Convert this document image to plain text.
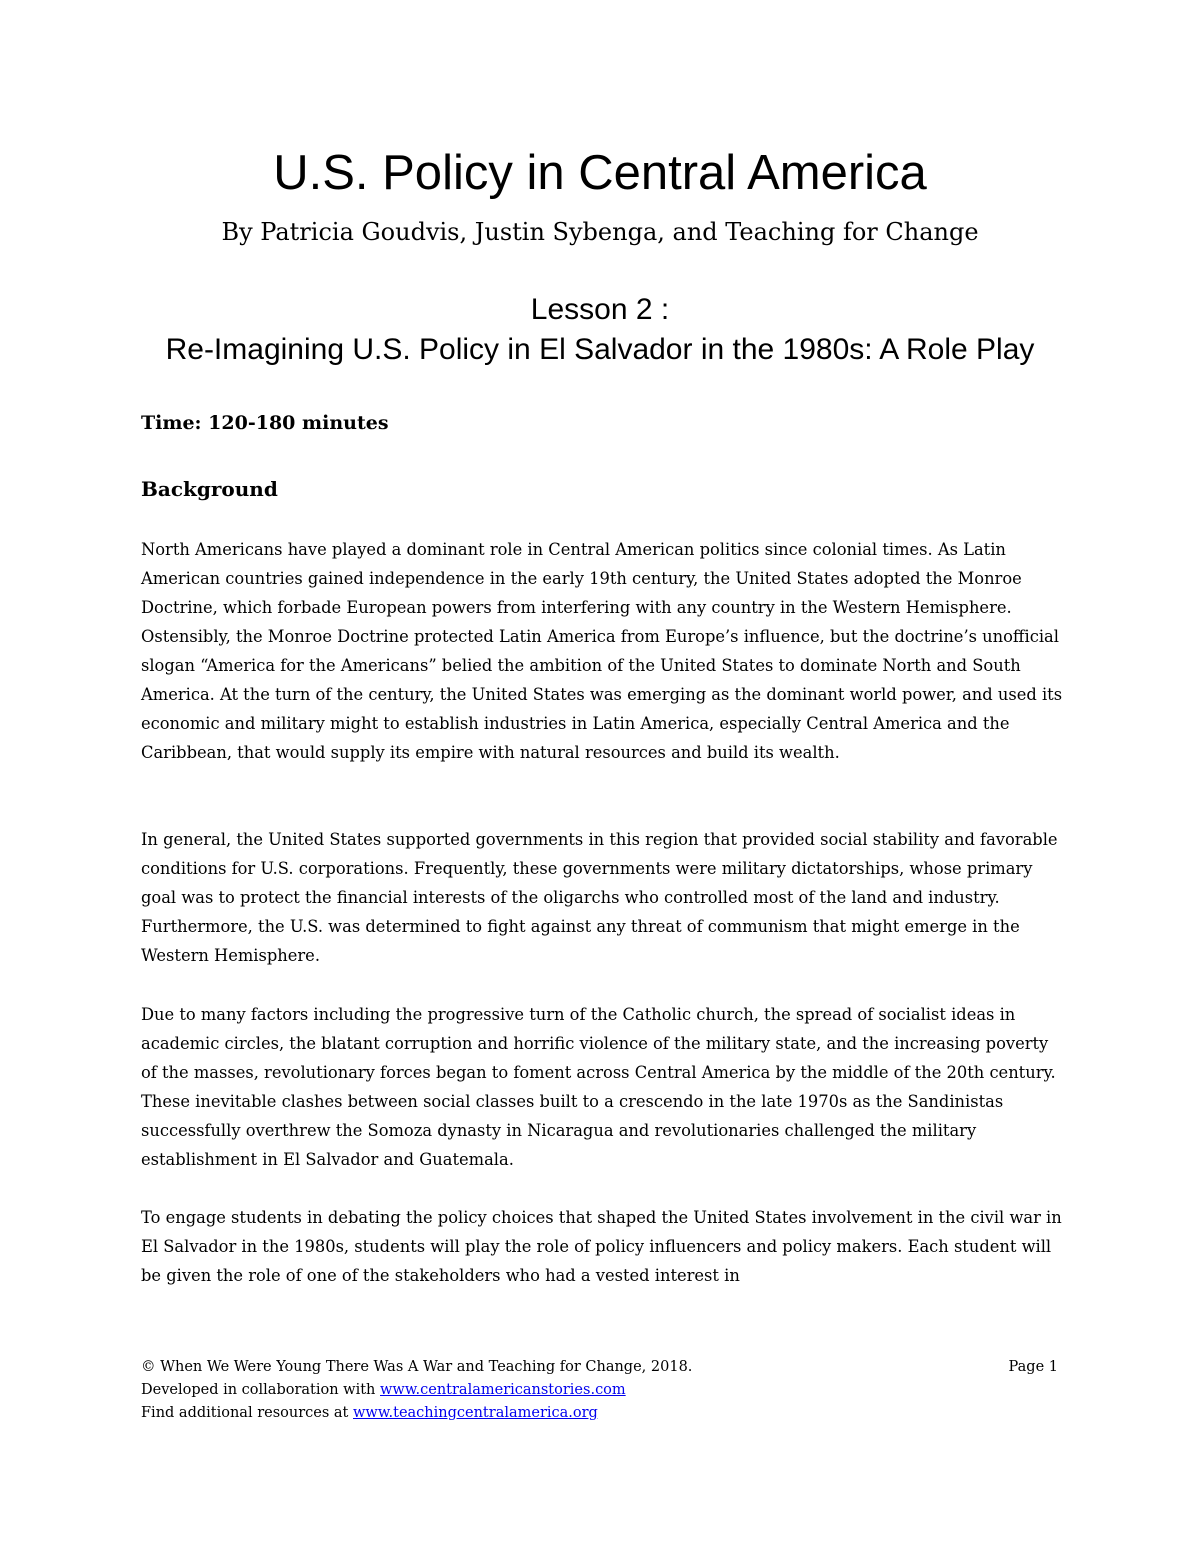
U.S. Policy in Central America

By Patricia Goudvis, Justin Sybenga, and Teaching for Change

Lesson 2 :

Re-Imagining U.S. Policy in El Salvador in the 1980s: A Role Play

Time: 120-180 minutes

Background

North Americans have played a dominant role in Central American politics since colonial times. As Latin American countries gained independence in the early 19th century, the United States adopted the Monroe Doctrine, which forbade European powers from interfering with any country in the Western Hemisphere. Ostensibly, the Monroe Doctrine protected Latin America from Europe’s influence, but the doctrine’s unofficial slogan “America for the Americans” belied the ambition of the United States to dominate North and South America. At the turn of the century, the United States was emerging as the dominant world power, and used its economic and military might to establish industries in Latin America, especially Central America and the Caribbean, that would supply its empire with natural resources and build its wealth.

In general, the United States supported governments in this region that provided social stability and favorable conditions for U.S. corporations. Frequently, these governments were military dictatorships, whose primary goal was to protect the financial interests of the oligarchs who controlled most of the land and industry. Furthermore, the U.S. was determined to fight against any threat of communism that might emerge in the Western Hemisphere.

Due to many factors including the progressive turn of the Catholic church, the spread of socialist ideas in academic circles, the blatant corruption and horrific violence of the military state, and the increasing poverty of the masses, revolutionary forces began to foment across Central America by the middle of the 20th century. These inevitable clashes between social classes built to a crescendo in the late 1970s as the Sandinistas successfully overthrew the Somoza dynasty in Nicaragua and revolutionaries challenged the military establishment in El Salvador and Guatemala.

To engage students in debating the policy choices that shaped the United States involvement in the civil war in El Salvador in the 1980s, students will play the role of policy influencers and policy makers. Each student will be given the role of one of the stakeholders who had a vested interest in

© When We Were Young There Was A War and Teaching for Change, 2018.	Page 1
Developed in collaboration with www.centralamericanstories.com
Find additional resources at www.teachingcentralamerica.org
